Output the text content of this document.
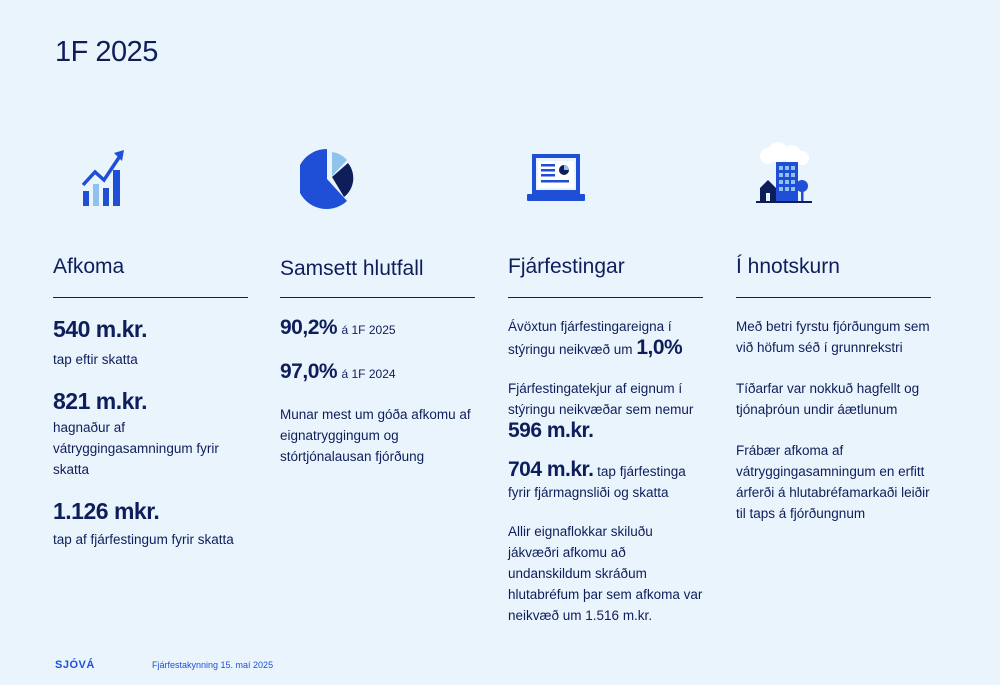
1F 2025
Afkoma
540 m.kr.
tap eftir skatta
821 m.kr.
hagnaður af vátryggingasamningum fyrir skatta
1.126 mkr.
tap af fjárfestingum fyrir skatta
Samsett hlutfall
90,2% á 1F 2025
97,0% á 1F 2024
Munar mest um góða afkomu af eignatryggingum og stórtjónalausan fjórðung
Fjárfestingar
Ávöxtun fjárfestingareigna í stýringu neikvæð um 1,0%
Fjárfestingatekjur af eignum í stýringu neikvæðar sem nemur
596 m.kr.
704 m.kr. tap fjárfestinga fyrir fjármagnsliði og skatta
Allir eignaflokkar skiluðu jákvæðri afkomu að undanskildum skráðum hlutabréfum þar sem afkoma var neikvæð um 1.516 m.kr.
Í hnotskurn
Með betri fyrstu fjórðungum sem við höfum séð í grunnrekstri
Tíðarfar var nokkuð hagfellt og tjónaþróun undir áætlunum
Frábær afkoma af vátryggingasamningum en erfitt árferði á hlutabréfamarkaði leiðir til taps á fjórðungnum
SJÓVÁ	Fjárfestakynning 15. maí 2025
